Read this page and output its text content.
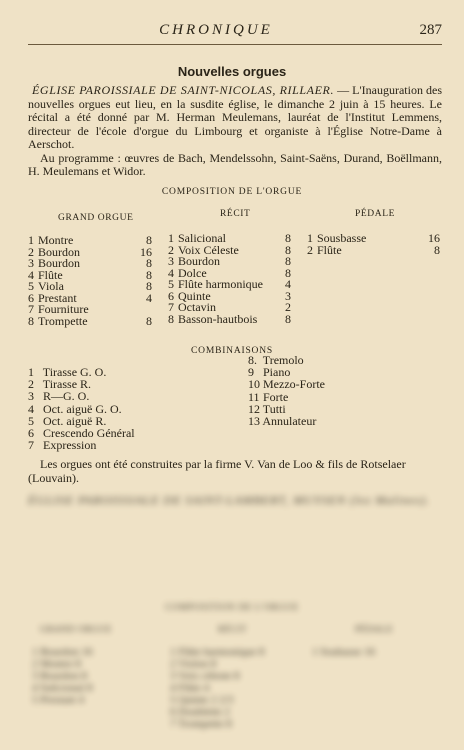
CHRONIQUE	287
Nouvelles orgues

ÉGLISE PAROISSIALE DE SAINT-NICOLAS, RILLAER. — L'Inauguration des nouvelles orgues eut lieu, en la susdite église, le dimanche 2 juin à 15 heures. Le récital a été donné par M. Herman Meulemans, lauréat de l'Institut Lemmens, directeur de l'école d'orgue du Limbourg et organiste à l'Église Notre-Dame à Aerschot.

Au programme : œuvres de Bach, Mendelssohn, Saint-Saëns, Durand, Boëllmann, H. Meulemans et Widor.

COMPOSITION DE L'ORGUE
GRAND ORGUE	RÉCIT	PÉDALE
1 Montre	8
2 Bourdon	16
3 Bourdon	8
4 Flûte	8
5 Viola	8
6 Prestant	4
7 Fourniture
8 Trompette	8
1 Salicional	8
2 Voix Céleste	8
3 Bourdon	8
4 Dolce	8
5 Flûte harmonique 4
6 Quinte	3
7 Octavin	2
8 Basson-hautbois 8
1 Sousbasse	16
2 Flûte	8
COMBINAISONS
1 Tirasse G. O.
2 Tirasse R.
3 R—G. O.
4 Oct. aiguë G. O.
5 Oct. aiguë R.
6 Crescendo Général
7 Expression
8. Tremolo
9 Piano
10 Mezzo-Forte
11 Forte
12 Tutti
13 Annulateur
Les orgues ont été construites par la firme V. Van de Loo & fils de Rotselaer (Louvain).
ÉGLISE PAROISSIALE DE SAINT-LAMBERT, MUYSEN (lez Malines).
COMPOSITION DE L'ORGUE
GRAND ORGUE	RÉCIT	PÉDALE
1 Bourdon 16
2 Montre 8
3 Bourdon 8
4 Salicional 8
5 Prestant 4
1 Flûte harmonique 8
2 Violon 8
3 Voix céleste 8
4 Flûte 4
5 Quinte 2 2/3
6 Doublette 2
7 Trompette 8
1 Soubasse 16
